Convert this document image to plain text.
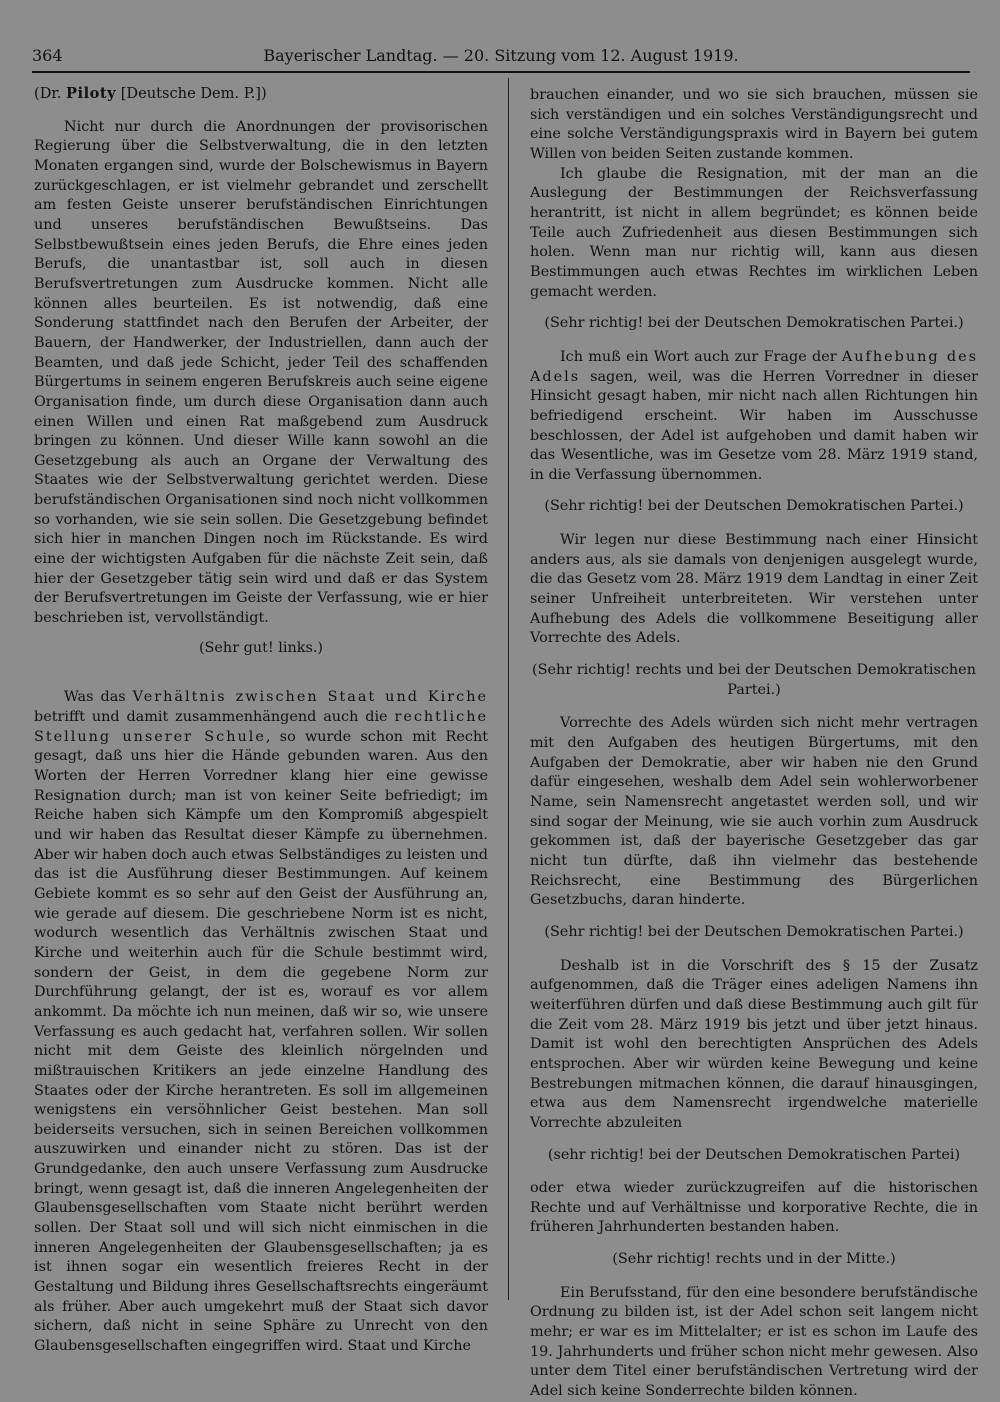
364	Bayerischer Landtag. — 20. Sitzung vom 12. August 1919.

(Dr. Piloty [Deutsche Dem. P.])

Nicht nur durch die Anordnungen der provisorischen Regierung über die Selbstverwaltung, die in den letzten Monaten ergangen sind, wurde der Bolschewismus in Bayern zurückgeschlagen, er ist vielmehr gebrandet und zerschellt am festen Geiste unserer berufständischen Einrichtungen und unseres berufständischen Bewußtseins. Das Selbstbewußtsein eines jeden Berufs, die Ehre eines jeden Berufs, die unantastbar ist, soll auch in diesen Berufsvertretungen zum Ausdrucke kommen. Nicht alle können alles beurteilen. Es ist notwendig, daß eine Sonderung stattfindet nach den Berufen der Arbeiter, der Bauern, der Handwerker, der Industriellen, dann auch der Beamten, und daß jede Schicht, jeder Teil des schaffenden Bürgertums in seinem engeren Berufskreis auch seine eigene Organisation finde, um durch diese Organisation dann auch einen Willen und einen Rat maßgebend zum Ausdruck bringen zu können. Und dieser Wille kann sowohl an die Gesetzgebung als auch an Organe der Verwaltung des Staates wie der Selbstverwaltung gerichtet werden. Diese berufständischen Organisationen sind noch nicht vollkommen so vorhanden, wie sie sein sollen. Die Gesetzgebung befindet sich hier in manchen Dingen noch im Rückstande. Es wird eine der wichtigsten Aufgaben für die nächste Zeit sein, daß hier der Gesetzgeber tätig sein wird und daß er das System der Berufsvertretungen im Geiste der Verfassung, wie er hier beschrieben ist, vervollständigt.

(Sehr gut! links.)

Was das Verhältnis zwischen Staat und Kirche betrifft und damit zusammenhängend auch die rechtliche Stellung unserer Schule, so wurde schon mit Recht gesagt, daß uns hier die Hände gebunden waren. Aus den Worten der Herren Vorredner klang hier eine gewisse Resignation durch; man ist von keiner Seite befriedigt; im Reiche haben sich Kämpfe um den Kompromiß abgespielt und wir haben das Resultat dieser Kämpfe zu übernehmen. Aber wir haben doch auch etwas Selbständiges zu leisten und das ist die Ausführung dieser Bestimmungen. Auf keinem Gebiete kommt es so sehr auf den Geist der Ausführung an, wie gerade auf diesem. Die geschriebene Norm ist es nicht, wodurch wesentlich das Verhältnis zwischen Staat und Kirche und weiterhin auch für die Schule bestimmt wird, sondern der Geist, in dem die gegebene Norm zur Durchführung gelangt, der ist es, worauf es vor allem ankommt. Da möchte ich nun meinen, daß wir so, wie unsere Verfassung es auch gedacht hat, verfahren sollen. Wir sollen nicht mit dem Geiste des kleinlich nörgelnden und mißtrauischen Kritikers an jede einzelne Handlung des Staates oder der Kirche herantreten. Es soll im allgemeinen wenigstens ein versöhnlicher Geist bestehen. Man soll beiderseits versuchen, sich in seinen Bereichen vollkommen auszuwirken und einander nicht zu stören. Das ist der Grundgedanke, den auch unsere Verfassung zum Ausdrucke bringt, wenn gesagt ist, daß die inneren Angelegenheiten der Glaubensgesellschaften vom Staate nicht berührt werden sollen. Der Staat soll und will sich nicht einmischen in die inneren Angelegenheiten der Glaubensgesellschaften; ja es ist ihnen sogar ein wesentlich freieres Recht in der Gestaltung und Bildung ihres Gesellschaftsrechts eingeräumt als früher. Aber auch umgekehrt muß der Staat sich davor sichern, daß nicht in seine Sphäre zu Unrecht von den Glaubensgesellschaften eingegriffen wird. Staat und Kirche

brauchen einander, und wo sie sich brauchen, müssen sie sich verständigen und ein solches Verständigungsrecht und eine solche Verständigungspraxis wird in Bayern bei gutem Willen von beiden Seiten zustande kommen.

Ich glaube die Resignation, mit der man an die Auslegung der Bestimmungen der Reichsverfassung herantritt, ist nicht in allem begründet; es können beide Teile auch Zufriedenheit aus diesen Bestimmungen sich holen. Wenn man nur richtig will, kann aus diesen Bestimmungen auch etwas Rechtes im wirklichen Leben gemacht werden.

(Sehr richtig! bei der Deutschen Demokratischen Partei.)

Ich muß ein Wort auch zur Frage der Aufhebung des Adels sagen, weil, was die Herren Vorredner in dieser Hinsicht gesagt haben, mir nicht nach allen Richtungen hin befriedigend erscheint. Wir haben im Ausschusse beschlossen, der Adel ist aufgehoben und damit haben wir das Wesentliche, was im Gesetze vom 28. März 1919 stand, in die Verfassung übernommen.

(Sehr richtig! bei der Deutschen Demokratischen Partei.)

Wir legen nur diese Bestimmung nach einer Hinsicht anders aus, als sie damals von denjenigen ausgelegt wurde, die das Gesetz vom 28. März 1919 dem Landtag in einer Zeit seiner Unfreiheit unterbreiteten. Wir verstehen unter Aufhebung des Adels die vollkommene Beseitigung aller Vorrechte des Adels.

(Sehr richtig! rechts und bei der Deutschen Demokratischen Partei.)

Vorrechte des Adels würden sich nicht mehr vertragen mit den Aufgaben des heutigen Bürgertums, mit den Aufgaben der Demokratie, aber wir haben nie den Grund dafür eingesehen, weshalb dem Adel sein wohlerworbener Name, sein Namensrecht angetastet werden soll, und wir sind sogar der Meinung, wie sie auch vorhin zum Ausdruck gekommen ist, daß der bayerische Gesetzgeber das gar nicht tun dürfte, daß ihn vielmehr das bestehende Reichsrecht, eine Bestimmung des Bürgerlichen Gesetzbuchs, daran hinderte.

(Sehr richtig! bei der Deutschen Demokratischen Partei.)

Deshalb ist in die Vorschrift des § 15 der Zusatz aufgenommen, daß die Träger eines adeligen Namens ihn weiterführen dürfen und daß diese Bestimmung auch gilt für die Zeit vom 28. März 1919 bis jetzt und über jetzt hinaus. Damit ist wohl den berechtigten Ansprüchen des Adels entsprochen. Aber wir würden keine Bewegung und keine Bestrebungen mitmachen können, die darauf hinausgingen, etwa aus dem Namensrecht irgendwelche materielle Vorrechte abzuleiten

(sehr richtig! bei der Deutschen Demokratischen Partei)

oder etwa wieder zurückzugreifen auf die historischen Rechte und auf Verhältnisse und korporative Rechte, die in früheren Jahrhunderten bestanden haben.

(Sehr richtig! rechts und in der Mitte.)

Ein Berufsstand, für den eine besondere berufständische Ordnung zu bilden ist, ist der Adel schon seit langem nicht mehr; er war es im Mittelalter; er ist es schon im Laufe des 19. Jahrhunderts und früher schon nicht mehr gewesen. Also unter dem Titel einer berufständischen Vertretung wird der Adel sich keine Sonderrechte bilden können.
